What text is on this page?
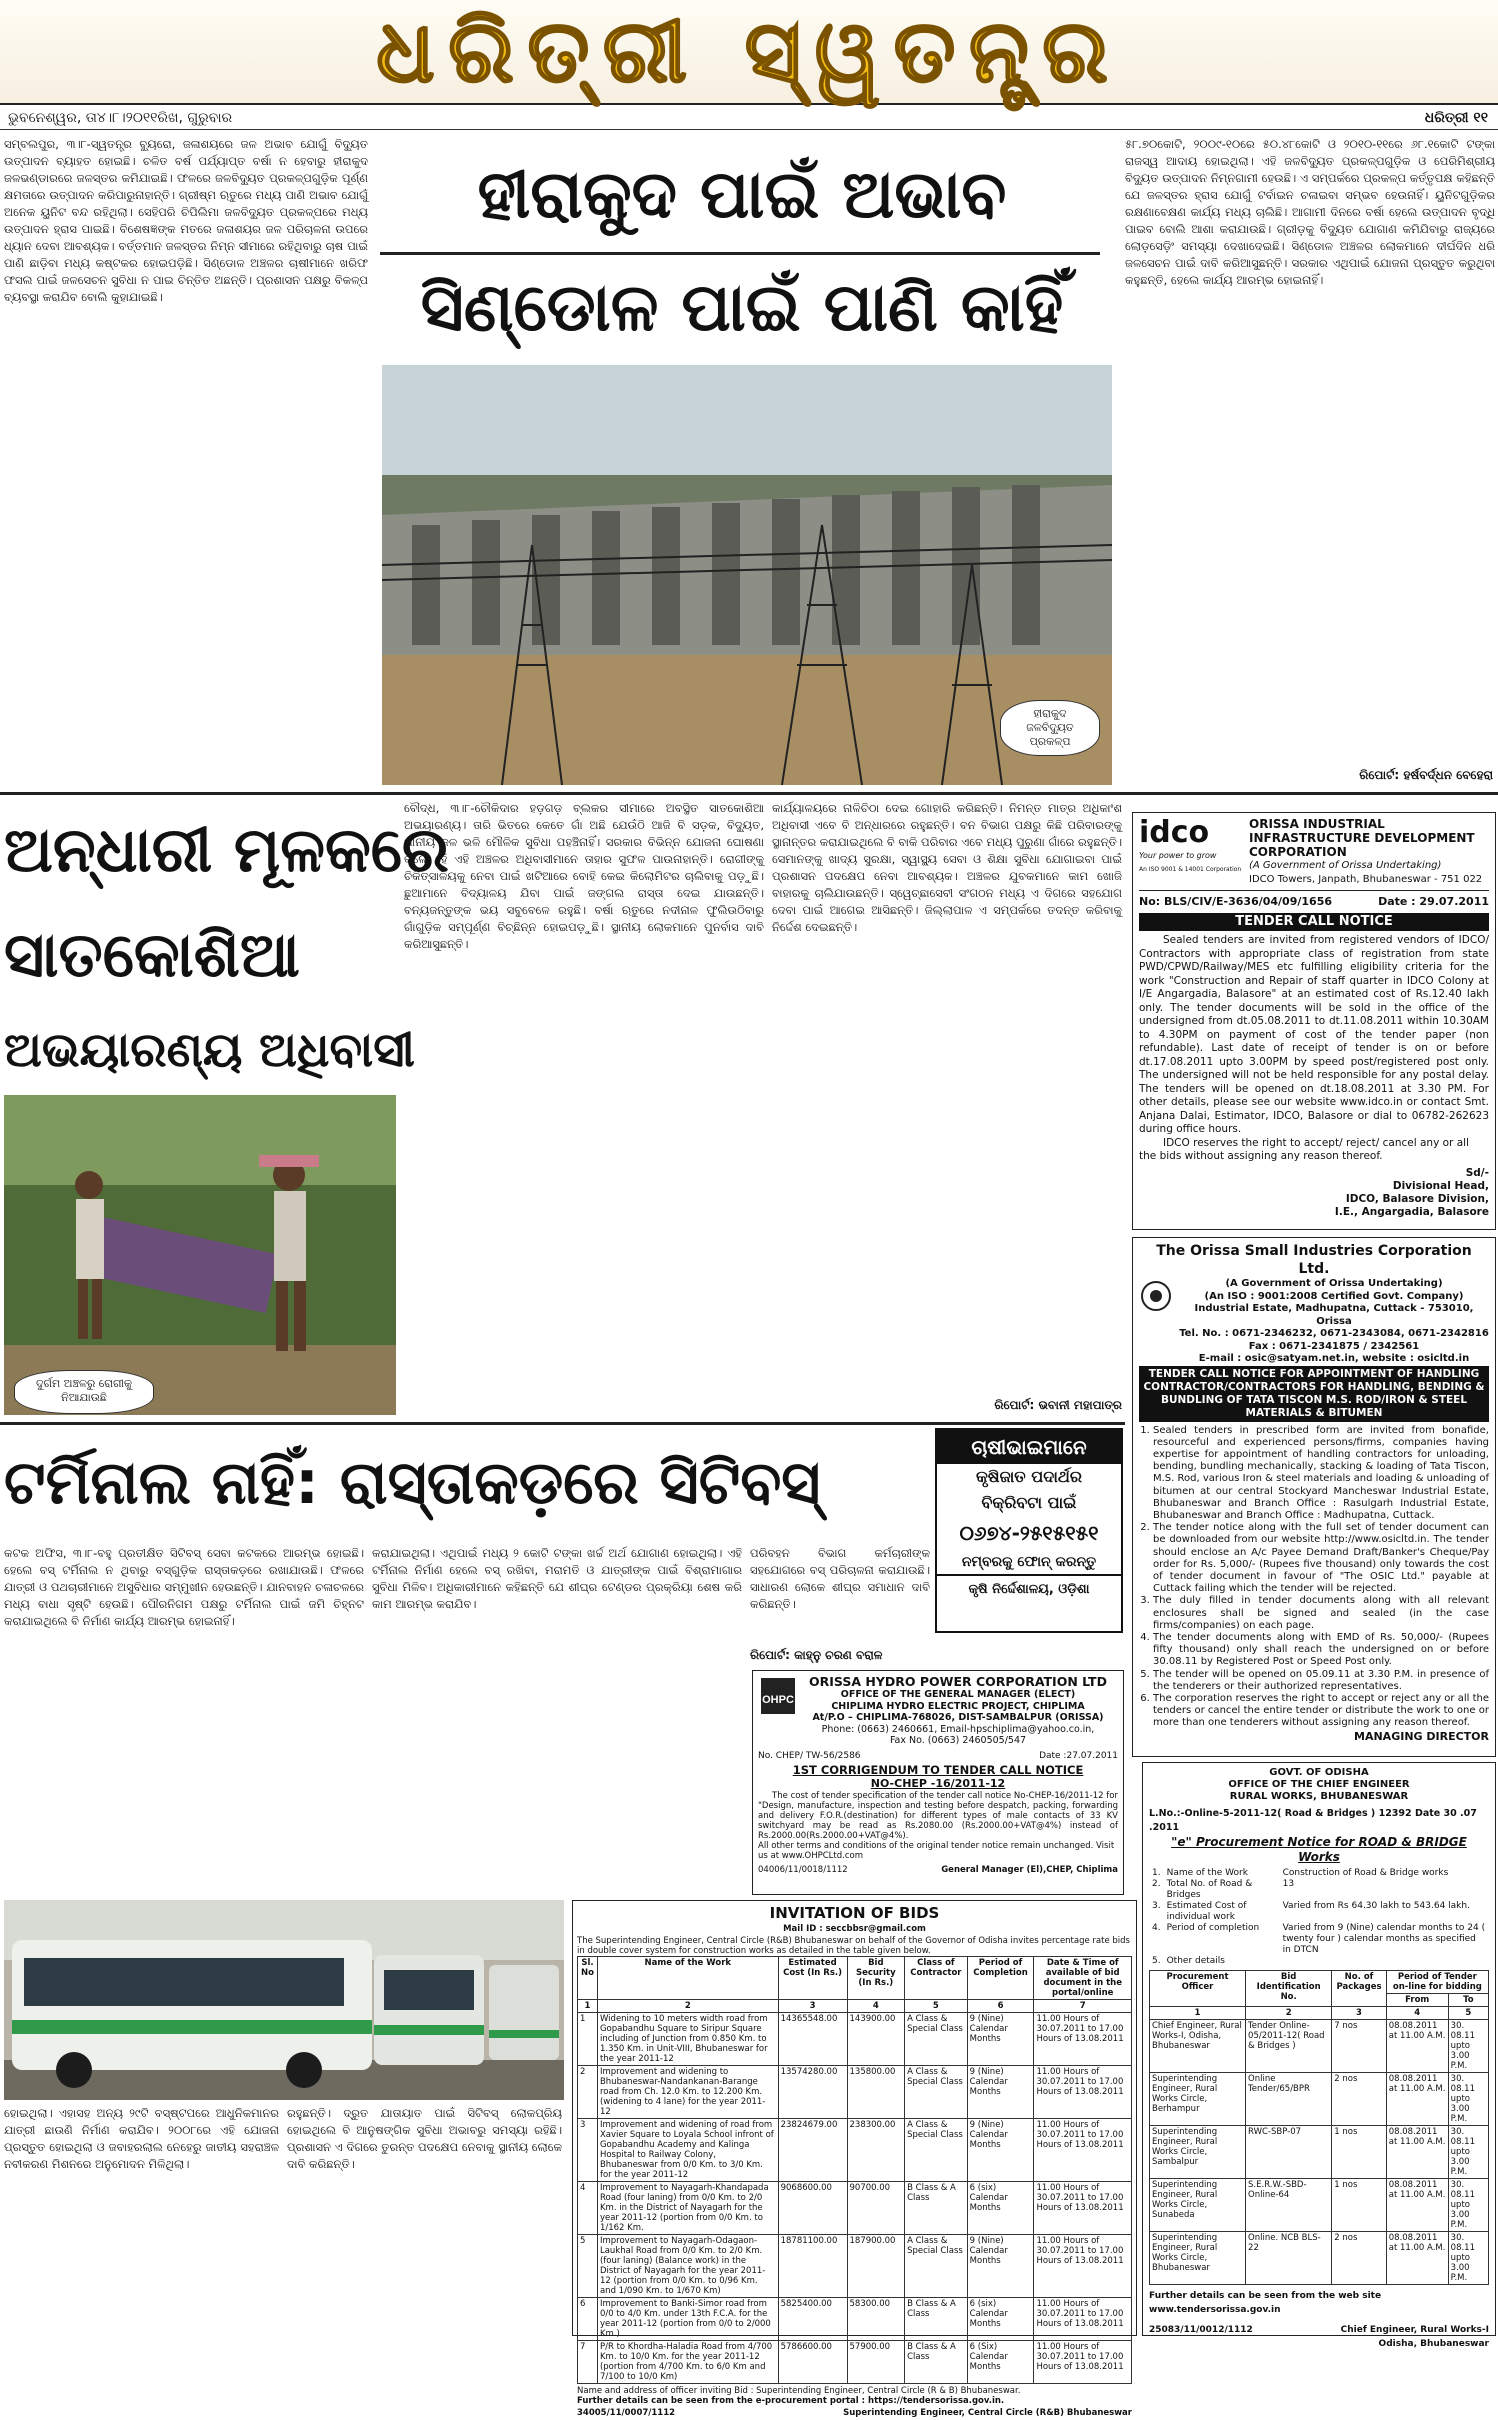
ଧରିତ୍ରୀ ସ୍ୱତନ୍ତ୍ର
ଭୁବନେଶ୍ୱର, ତା୪।୮।୨୦୧୧ରିଖ, ଗୁରୁବାର	ଧରିତ୍ରୀ ୧୧
ସମ୍ବଲପୁର, ୩।୮-ସ୍ୱତନ୍ତ୍ର ବ୍ୟୁରୋ, ଜଳାଶୟରେ ଜଳ ଅଭାବ ଯୋଗୁଁ ବିଦ୍ୟୁତ ଉତ୍ପାଦନ ବ୍ୟାହତ ହୋଇଛି। ଚଳିତ ବର୍ଷ ପର୍ଯ୍ୟାପ୍ତ ବର୍ଷା ନ ହେବାରୁ ହୀରାକୁଦ ଜଳଭଣ୍ଡାରରେ ଜଳସ୍ତର କମିଯାଇଛି। ଫଳରେ ଜଳବିଦ୍ୟୁତ ପ୍ରକଳ୍ପଗୁଡ଼ିକ ପୂର୍ଣ୍ଣ କ୍ଷମତାରେ ଉତ୍ପାଦନ କରିପାରୁନାହାନ୍ତି। ଗ୍ରୀଷ୍ମ ଋତୁରେ ମଧ୍ୟ ପାଣି ଅଭାବ ଯୋଗୁଁ ଅନେକ ୟୁନିଟ ବନ୍ଦ ରହିଥିଲା। ସେହିପରି ଚିପିଲିମା ଜଳବିଦ୍ୟୁତ ପ୍ରକଳ୍ପରେ ମଧ୍ୟ ଉତ୍ପାଦନ ହ୍ରାସ ପାଇଛି। ବିଶେଷଜ୍ଞଙ୍କ ମତରେ ଜଳାଶୟର ଜଳ ପରିଚାଳନା ଉପରେ ଧ୍ୟାନ ଦେବା ଆବଶ୍ୟକ। ବର୍ତ୍ତମାନ ଜଳସ୍ତର ନିମ୍ନ ସୀମାରେ ରହିଥିବାରୁ ଚାଷ ପାଇଁ ପାଣି ଛାଡ଼ିବା ମଧ୍ୟ କଷ୍ଟକର ହୋଇପଡ଼ିଛି। ସିଣ୍ଡୋଳ ଅଞ୍ଚଳର ଚାଷୀମାନେ ଖରିଫ ଫସଲ ପାଇଁ ଜଳସେଚନ ସୁବିଧା ନ ପାଇ ଚିନ୍ତିତ ଅଛନ୍ତି। ପ୍ରଶାସନ ପକ୍ଷରୁ ବିକଳ୍ପ ବ୍ୟବସ୍ଥା କରାଯିବ ବୋଲି କୁହାଯାଇଛି।
ହୀରାକୁଦ ପାଇଁ ଅଭାବ
ସିଣ୍ଡୋଳ ପାଇଁ ପାଣି କାହିଁ
ହୀରାକୁଦ ଜଳବିଦ୍ୟୁତ ପ୍ରକଳ୍ପ
୫୮.୭୦କୋଟି, ୨୦୦୯-୧୦ରେ ୫୦.୪୮କୋଟି ଓ ୨୦୧୦-୧୧ରେ ୬୮.୧କୋଟି ଟଙ୍କା ରାଜସ୍ୱ ଆଦାୟ ହୋଇଥିଲା। ଏହି ଜଳବିଦ୍ୟୁତ ପ୍ରକଳ୍ପଗୁଡ଼ିକ ଓ ପେରିମିଶ୍ରୀୟ ବିଦ୍ୟୁତ ଉତ୍ପାଦନ ନିମ୍ନଗାମୀ ହେଉଛି। ଏ ସମ୍ପର୍କରେ ପ୍ରକଳ୍ପ କର୍ତ୍ତୃପକ୍ଷ କହିଛନ୍ତି ଯେ ଜଳସ୍ତର ହ୍ରାସ ଯୋଗୁଁ ଟର୍ବାଇନ ଚଳାଇବା ସମ୍ଭବ ହେଉନାହିଁ। ୟୁନିଟଗୁଡ଼ିକର ରକ୍ଷଣାବେକ୍ଷଣ କାର୍ଯ୍ୟ ମଧ୍ୟ ଚାଲିଛି। ଆଗାମୀ ଦିନରେ ବର୍ଷା ହେଲେ ଉତ୍ପାଦନ ବୃଦ୍ଧି ପାଇବ ବୋଲି ଆଶା କରାଯାଉଛି। ଗ୍ରୀଡ଼କୁ ବିଦ୍ୟୁତ ଯୋଗାଣ କମିଯିବାରୁ ରାଜ୍ୟରେ ଲୋଡ଼ସେଡ଼ିଂ ସମସ୍ୟା ଦେଖାଦେଇଛି। ସିଣ୍ଡୋଳ ଅଞ୍ଚଳର ଲୋକମାନେ ଦୀର୍ଘଦିନ ଧରି ଜଳସେଚନ ପାଇଁ ଦାବି କରିଆସୁଛନ୍ତି। ସରକାର ଏଥିପାଇଁ ଯୋଜନା ପ୍ରସ୍ତୁତ କରୁଥିବା କହୁଛନ୍ତି, ହେଲେ କାର୍ଯ୍ୟ ଆରମ୍ଭ ହୋଇନାହିଁ।
ରିପୋର୍ଟ: ହର୍ଷବର୍ଦ୍ଧନ ବେହେରା
ଅନ୍ଧାରୀ ମୂଳକରେ
ସାତକୋଶିଆ
ଅଭୟାରଣ୍ୟ ଅଧିବାସୀ
ଦୁର୍ଗମ ଅଞ୍ଚଳରୁ ରୋଗୀକୁ ନିଆଯାଉଛି
ବୌଦ୍ଧ, ୩।୮-ଚୌକିଦାର ହଡ଼ଗଡ଼ ବ୍ଲକର ସୀମାରେ ଅବସ୍ଥିତ ସାତକୋଶିଆ ଅଭୟାରଣ୍ୟ। ତାରି ଭିତରେ କେତେ ଗାଁ ଅଛି ଯେଉଁଠି ଆଜି ବି ସଡ଼କ, ବିଦ୍ୟୁତ, ପାନୀୟ ଜଳ ଭଳି ମୌଳିକ ସୁବିଧା ପହଞ୍ଚିନାହିଁ। ସରକାର ବିଭିନ୍ନ ଯୋଜନା ଘୋଷଣା କଲେ ହେଁ ଏହି ଅଞ୍ଚଳର ଅଧିବାସୀମାନେ ତାହାର ସୁଫଳ ପାଉନାହାନ୍ତି। ରୋଗୀଙ୍କୁ ଚିକିତ୍ସାଳୟକୁ ନେବା ପାଇଁ ଖଟିଆରେ ବୋହି କେଇ କିଲୋମିଟର ଚାଲିବାକୁ ପଡ଼ୁଛି। ଛୁଆମାନେ ବିଦ୍ୟାଳୟ ଯିବା ପାଇଁ ଜଙ୍ଗଲ ରାସ୍ତା ଦେଇ ଯାଉଛନ୍ତି। ବନ୍ୟଜନ୍ତୁଙ୍କ ଭୟ ସବୁବେଳେ ରହୁଛି। ବର୍ଷା ଋତୁରେ ନଦୀନାଳ ଫୁଲିଉଠିବାରୁ ଗାଁଗୁଡ଼ିକ ସମ୍ପୂର୍ଣ୍ଣ ବିଚ୍ଛିନ୍ନ ହୋଇପଡ଼ୁଛି। ସ୍ଥାନୀୟ ଲୋକମାନେ ପୁନର୍ବାସ ଦାବି କରିଆସୁଛନ୍ତି।
କାର୍ଯ୍ୟାଳୟରେ ନାଳିଚିଠା ଦେଇ ଗୋହାରି କରିଛନ୍ତି। ନିମନ୍ତ ମାତ୍ର ଅଧିକାଂଶ ଅଧିବାସୀ ଏବେ ବି ଅନ୍ଧାରରେ ରହୁଛନ୍ତି। ବନ ବିଭାଗ ପକ୍ଷରୁ କିଛି ପରିବାରଙ୍କୁ ସ୍ଥାନାନ୍ତର କରାଯାଇଥିଲେ ବି ବାକି ପରିବାର ଏବେ ମଧ୍ୟ ପୁରୁଣା ଗାଁରେ ରହୁଛନ୍ତି। ସେମାନଙ୍କୁ ଖାଦ୍ୟ ସୁରକ୍ଷା, ସ୍ୱାସ୍ଥ୍ୟ ସେବା ଓ ଶିକ୍ଷା ସୁବିଧା ଯୋଗାଇବା ପାଇଁ ପ୍ରଶାସନ ପଦକ୍ଷେପ ନେବା ଆବଶ୍ୟକ। ଅଞ୍ଚଳର ଯୁବକମାନେ କାମ ଖୋଜି ବାହାରକୁ ଚାଲିଯାଉଛନ୍ତି। ସ୍ୱେଚ୍ଛାସେବୀ ସଂଗଠନ ମଧ୍ୟ ଏ ଦିଗରେ ସହଯୋଗ ଦେବା ପାଇଁ ଆଗେଇ ଆସିଛନ୍ତି। ଜିଲ୍ଲାପାଳ ଏ ସମ୍ପର୍କରେ ତଦନ୍ତ କରିବାକୁ ନିର୍ଦ୍ଦେଶ ଦେଇଛନ୍ତି।
ରିପୋର୍ଟ: ଭବାନୀ ମହାପାତ୍ର
idco
Your power to grow
An ISO 9001 & 14001 Corporation
ORISSA INDUSTRIAL INFRASTRUCTURE DEVELOPMENT CORPORATION
(A Government of Orissa Undertaking)
IDCO Towers, Janpath, Bhubaneswar - 751 022
No: BLS/CIV/E-3636/04/09/1656	Date : 29.07.2011
TENDER CALL NOTICE
Sealed tenders are invited from registered vendors of IDCO/ Contractors with appropriate class of registration from state PWD/CPWD/Railway/MES etc fulfilling eligibility criteria for the work "Construction and Repair of staff quarter in IDCO Colony at I/E Angargadia, Balasore" at an estimated cost of Rs.12.40 lakh only. The tender documents will be sold in the office of the undersigned from dt.05.08.2011 to dt.11.08.2011 within 10.30AM to 4.30PM on payment of cost of the tender paper (non refundable). Last date of receipt of tender is on or before dt.17.08.2011 upto 3.00PM by speed post/registered post only. The undersigned will not be held responsible for any postal delay. The tenders will be opened on dt.18.08.2011 at 3.30 PM. For other details, please see our website www.idco.in or contact Smt. Anjana Dalai, Estimator, IDCO, Balasore or dial to 06782-262623 during office hours.
IDCO reserves the right to accept/ reject/ cancel any or all the bids without assigning any reason thereof.
Sd/-
Divisional Head,
IDCO, Balasore Division,
I.E., Angargadia, Balasore
The Orissa Small Industries Corporation Ltd.
(A Government of Orissa Undertaking)
(An ISO : 9001:2008 Certified Govt. Company)
Industrial Estate, Madhupatna, Cuttack - 753010, Orissa
Tel. No. : 0671-2346232, 0671-2343084, 0671-2342816
Fax : 0671-2341875 / 2342561
E-mail : osic@satyam.net.in, website : osicltd.in
TENDER CALL NOTICE FOR APPOINTMENT OF HANDLING CONTRACTOR/CONTRACTORS FOR HANDLING, BENDING & BUNDLING OF TATA TISCON M.S. ROD/IRON & STEEL MATERIALS & BITUMEN
1. Sealed tenders in prescribed form are invited from bonafide, resourceful and experienced persons/firms, companies having expertise for appointment of handling contractors for unloading, bending, bundling mechanically, stacking & loading of Tata Tiscon, M.S. Rod, various Iron & steel materials and loading & unloading of bitumen at our central Stockyard Mancheswar Industrial Estate, Bhubaneswar and Branch Office : Rasulgarh Industrial Estate, Bhubaneswar and Branch Office : Madhupatna, Cuttack.
2. The tender notice along with the full set of tender document can be downloaded from our website http://www.osicltd.in. The tender should enclose an A/c Payee Demand Draft/Banker's Cheque/Pay order for Rs. 5,000/- (Rupees five thousand) only towards the cost of tender document in favour of "The OSIC Ltd." payable at Cuttack failing which the tender will be rejected.
3. The duly filled in tender documents along with all relevant enclosures shall be signed and sealed (in the case firms/companies) on each page.
4. The tender documents along with EMD of Rs. 50,000/- (Rupees fifty thousand) only shall reach the undersigned on or before 30.08.11 by Registered Post or Speed Post only.
5. The tender will be opened on 05.09.11 at 3.30 P.M. in presence of the tenderers or their authorized representatives.
6. The corporation reserves the right to accept or reject any or all the tenders or cancel the entire tender or distribute the work to one or more than one tenderers without assigning any reason thereof.
MANAGING DIRECTOR
ଟର୍ମିନାଲ ନାହିଁ: ରାସ୍ତାକଡ଼ରେ ସିଟିବସ୍
ଚାଷୀଭାଇମାନେ
କୃଷିଜାତ ପଦାର୍ଥର
ବିକ୍ରିବଟା ପାଇଁ
୦୬୭୪-୨୫୧୫୧୫୧
ନମ୍ବରକୁ ଫୋନ୍ କରନ୍ତୁ
କୃଷି ନିର୍ଦ୍ଦେଶାଳୟ, ଓଡ଼ିଶା
କଟକ ଅଫିସ, ୩।୮-ବହୁ ପ୍ରତୀକ୍ଷିତ ସିଟିବସ୍ ସେବା କଟକରେ ଆରମ୍ଭ ହୋଇଛି। ହେଲେ ବସ୍ ଟର୍ମିନାଲ ନ ଥିବାରୁ ବସ୍‌ଗୁଡ଼ିକ ରାସ୍ତାକଡ଼ରେ ରଖାଯାଉଛି। ଫଳରେ ଯାତ୍ରୀ ଓ ପଥଚାରୀମାନେ ଅସୁବିଧାର ସମ୍ମୁଖୀନ ହେଉଛନ୍ତି। ଯାନବାହନ ଚଳାଚଳରେ ମଧ୍ୟ ବାଧା ସୃଷ୍ଟି ହେଉଛି। ପୌରନିଗମ ପକ୍ଷରୁ ଟର୍ମିନାଲ ପାଇଁ ଜମି ଚିହ୍ନଟ କରାଯାଇଥିଲେ ବି ନିର୍ମାଣ କାର୍ଯ୍ୟ ଆରମ୍ଭ ହୋଇନାହିଁ।
କରାଯାଇଥିଲା। ଏଥିପାଇଁ ମଧ୍ୟ ୨ କୋଟି ଟଙ୍କା ଖର୍ଚ୍ଚ ଅର୍ଥ ଯୋଗାଣ ହୋଇଥିଲା। ଏହି ଟର୍ମିନାଲ ନିର୍ମାଣ ହେଲେ ବସ୍ ରଖିବା, ମରାମତି ଓ ଯାତ୍ରୀଙ୍କ ପାଇଁ ବିଶ୍ରାମାଗାର ସୁବିଧା ମିଳିବ। ଅଧିକାରୀମାନେ କହିଛନ୍ତି ଯେ ଶୀଘ୍ର ଟେଣ୍ଡର ପ୍ରକ୍ରିୟା ଶେଷ କରି କାମ ଆରମ୍ଭ କରାଯିବ।
ପରିବହନ ବିଭାଗ କର୍ମଚାରୀଙ୍କ ସହଯୋଗରେ ବସ୍ ପରିଚାଳନା କରାଯାଉଛି। ସାଧାରଣ ଲୋକେ ଶୀଘ୍ର ସମାଧାନ ଦାବି କରିଛନ୍ତି।
ରିପୋର୍ଟ: କାହ୍ନୁ ଚରଣ ବରାଳ
OHPC
ORISSA HYDRO POWER CORPORATION LTD
OFFICE OF THE GENERAL MANAGER (ELECT)
CHIPLIMA HYDRO ELECTRIC PROJECT, CHIPLIMA
At/P.O – CHIPLIMA-768026, DIST-SAMBALPUR (ORISSA)
Phone: (0663) 2460661, Email-hpschiplima@yahoo.co.in,
Fax No. (0663) 2460505/547
No. CHEP/ TW-56/2586	Date :27.07.2011
1ST CORRIGENDUM TO TENDER CALL NOTICE
NO-CHEP -16/2011-12
The cost of tender specification of the tender call notice No-CHEP-16/2011-12 for "Design, manufacture, inspection and testing before despatch, packing, forwarding and delivery F.O.R.(destination) for different types of male contacts of 33 KV switchyard may be read as Rs.2080.00 (Rs.2000.00+VAT@4%) instead of Rs.2000.00(Rs.2000.00+VAT@4%).
All other terms and conditions of the original tender notice remain unchanged. Visit us at www.OHPCLtd.com
04006/11/0018/1112	General Manager (El),CHEP, Chiplima
ହୋଇଥିଲା। ଏହାସହ ଅନ୍ୟ ୨୯ଟି ବସ୍‌ଷ୍ଟପରେ ଆଧୁନିକମାନର ଯାତ୍ରୀ ଛାଉଣି ନିର୍ମାଣ କରାଯିବ। ୨୦୦୮ରେ ଏହି ଯୋଜନା ପ୍ରସ୍ତୁତ ହୋଇଥିଲା ଓ ଜବାହରଲାଲ ନେହେରୁ ଜାତୀୟ ସହରାଞ୍ଚଳ ନବୀକରଣ ମିଶନରେ ଅନୁମୋଦନ ମିଳିଥିଲା।
ରହୁଛନ୍ତି। ଦ୍ରୁତ ଯାତାୟାତ ପାଇଁ ସିଟିବସ୍ ଲୋକପ୍ରିୟ ହୋଇଥିଲେ ବି ଆନୁଷଙ୍ଗିକ ସୁବିଧା ଅଭାବରୁ ସମସ୍ୟା ରହିଛି। ପ୍ରଶାସନ ଏ ଦିଗରେ ତୁରନ୍ତ ପଦକ୍ଷେପ ନେବାକୁ ସ୍ଥାନୀୟ ଲୋକେ ଦାବି କରିଛନ୍ତି।
INVITATION OF BIDS
Mail ID : seccbbsr@gmail.com
The Superintending Engineer, Central Circle (R&B) Bhubaneswar on behalf of the Governor of Odisha invites percentage rate bids in double cover system for construction works as detailed in the table given below.
Sl. No	Name of the Work	Estimated Cost (In Rs.)	Bid Security (In Rs.)	Class of Contractor	Period of Completion	Date & Time of available of bid document in the portal/online
1	2	3	4	5	6	7
1	Widening to 10 meters width road from Gopabandhu Square to Siripur Square including of Junction from 0.850 Km. to 1.350 Km. in Unit-VIII, Bhubaneswar for the year 2011-12	14365548.00	143900.00	A Class & Special Class	9 (Nine) Calendar Months	11.00 Hours of 30.07.2011 to 17.00 Hours of 13.08.2011
2	Improvement and widening to Bhubaneswar-Nandankanan-Barange road from Ch. 12.0 Km. to 12.200 Km. (widening to 4 lane) for the year 2011-12	13574280.00	135800.00	A Class & Special Class	9 (Nine) Calendar Months	11.00 Hours of 30.07.2011 to 17.00 Hours of 13.08.2011
3	Improvement and widening of road from Xavier Square to Loyala School infront of Gopabandhu Academy and Kalinga Hospital to Railway Colony, Bhubaneswar from 0/0 Km. to 3/0 Km. for the year 2011-12	23824679.00	238300.00	A Class & Special Class	9 (Nine) Calendar Months	11.00 Hours of 30.07.2011 to 17.00 Hours of 13.08.2011
4	Improvement to Nayagarh-Khandapada Road (four laning) from 0/0 Km. to 2/0 Km. in the District of Nayagarh for the year 2011-12 (portion from 0/0 Km. to 1/162 Km.	9068600.00	90700.00	B Class & A Class	6 (six) Calendar Months	11.00 Hours of 30.07.2011 to 17.00 Hours of 13.08.2011
5	Improvement to Nayagarh-Odagaon-Laukhal Road from 0/0 Km. to 2/0 Km. (four laning) (Balance work) in the District of Nayagarh for the year 2011-12 (portion from 0/0 Km. to 0/96 Km. and 1/090 Km. to 1/670 Km)	18781100.00	187900.00	A Class & Special Class	9 (Nine) Calendar Months	11.00 Hours of 30.07.2011 to 17.00 Hours of 13.08.2011
6	Improvement to Banki-Simor road from 0/0 to 4/0 Km. under 13th F.C.A. for the year 2011-12 (portion from 0/0 to 2/000 Km.)	5825400.00	58300.00	B Class & A Class	6 (six) Calendar Months	11.00 Hours of 30.07.2011 to 17.00 Hours of 13.08.2011
7	P/R to Khordha-Haladia Road from 4/700 Km. to 10/0 Km. for the year 2011-12 (portion from 4/700 Km. to 6/0 Km and 7/100 to 10/0 Km)	5786600.00	57900.00	B Class & A Class	6 (Six) Calendar Months	11.00 Hours of 30.07.2011 to 17.00 Hours of 13.08.2011
Name and address of officer inviting Bid : Superintending Engineer, Central Circle (R & B) Bhubaneswar.
Further details can be seen from the e-procurement portal : https://tendersorissa.gov.in.
34005/11/0007/1112	Superintending Engineer, Central Circle (R&B) Bhubaneswar
GOVT. OF ODISHA
OFFICE OF THE CHIEF ENGINEER
RURAL WORKS, BHUBANESWAR
L.No.:-Online-5-2011-12( Road & Bridges ) 12392 Date 30 .07 .2011
"e" Procurement Notice for ROAD & BRIDGE Works
1.	Name of the Work	Construction of Road & Bridge works
2.	Total No. of Road & Bridges	13
3.	Estimated Cost of individual work	Varied from Rs 64.30 lakh to 543.64 lakh.
4.	Period of completion	Varied from 9 (Nine) calendar months to 24 ( twenty four ) calendar months as specified in DTCN
5.	Other details	
Procurement Officer	Bid Identification No.	No. of Packages	Period of Tender on-line for bidding	
			From	To
1	2	3	4	5
Chief Engineer, Rural Works-I, Odisha, Bhubaneswar	Tender Online-05/2011-12( Road & Bridges )	7 nos	08.08.2011 at 11.00 A.M.	30. 08.11 upto 3.00 P.M.
Superintending Engineer, Rural Works Circle, Berhampur	Online Tender/65/BPR	2 nos	08.08.2011 at 11.00 A.M.	30. 08.11 upto 3.00 P.M.
Superintending Engineer, Rural Works Circle, Sambalpur	RWC-SBP-07	1 nos	08.08.2011 at 11.00 A.M.	30. 08.11 upto 3.00 P.M.
Superintending Engineer, Rural Works Circle, Sunabeda	S.E.R.W.-SBD-Online-64	1 nos	08.08.2011 at 11.00 A.M.	30. 08.11 upto 3.00 P.M.
Superintending Engineer, Rural Works Circle, Bhubaneswar	Online. NCB BLS-22	2 nos	08.08.2011 at 11.00 A.M.	30. 08.11 upto 3.00 P.M.
Further details can be seen from the web site www.tendersorissa.gov.in
25083/11/0012/1112	Chief Engineer, Rural Works-I
Odisha, Bhubaneswar
